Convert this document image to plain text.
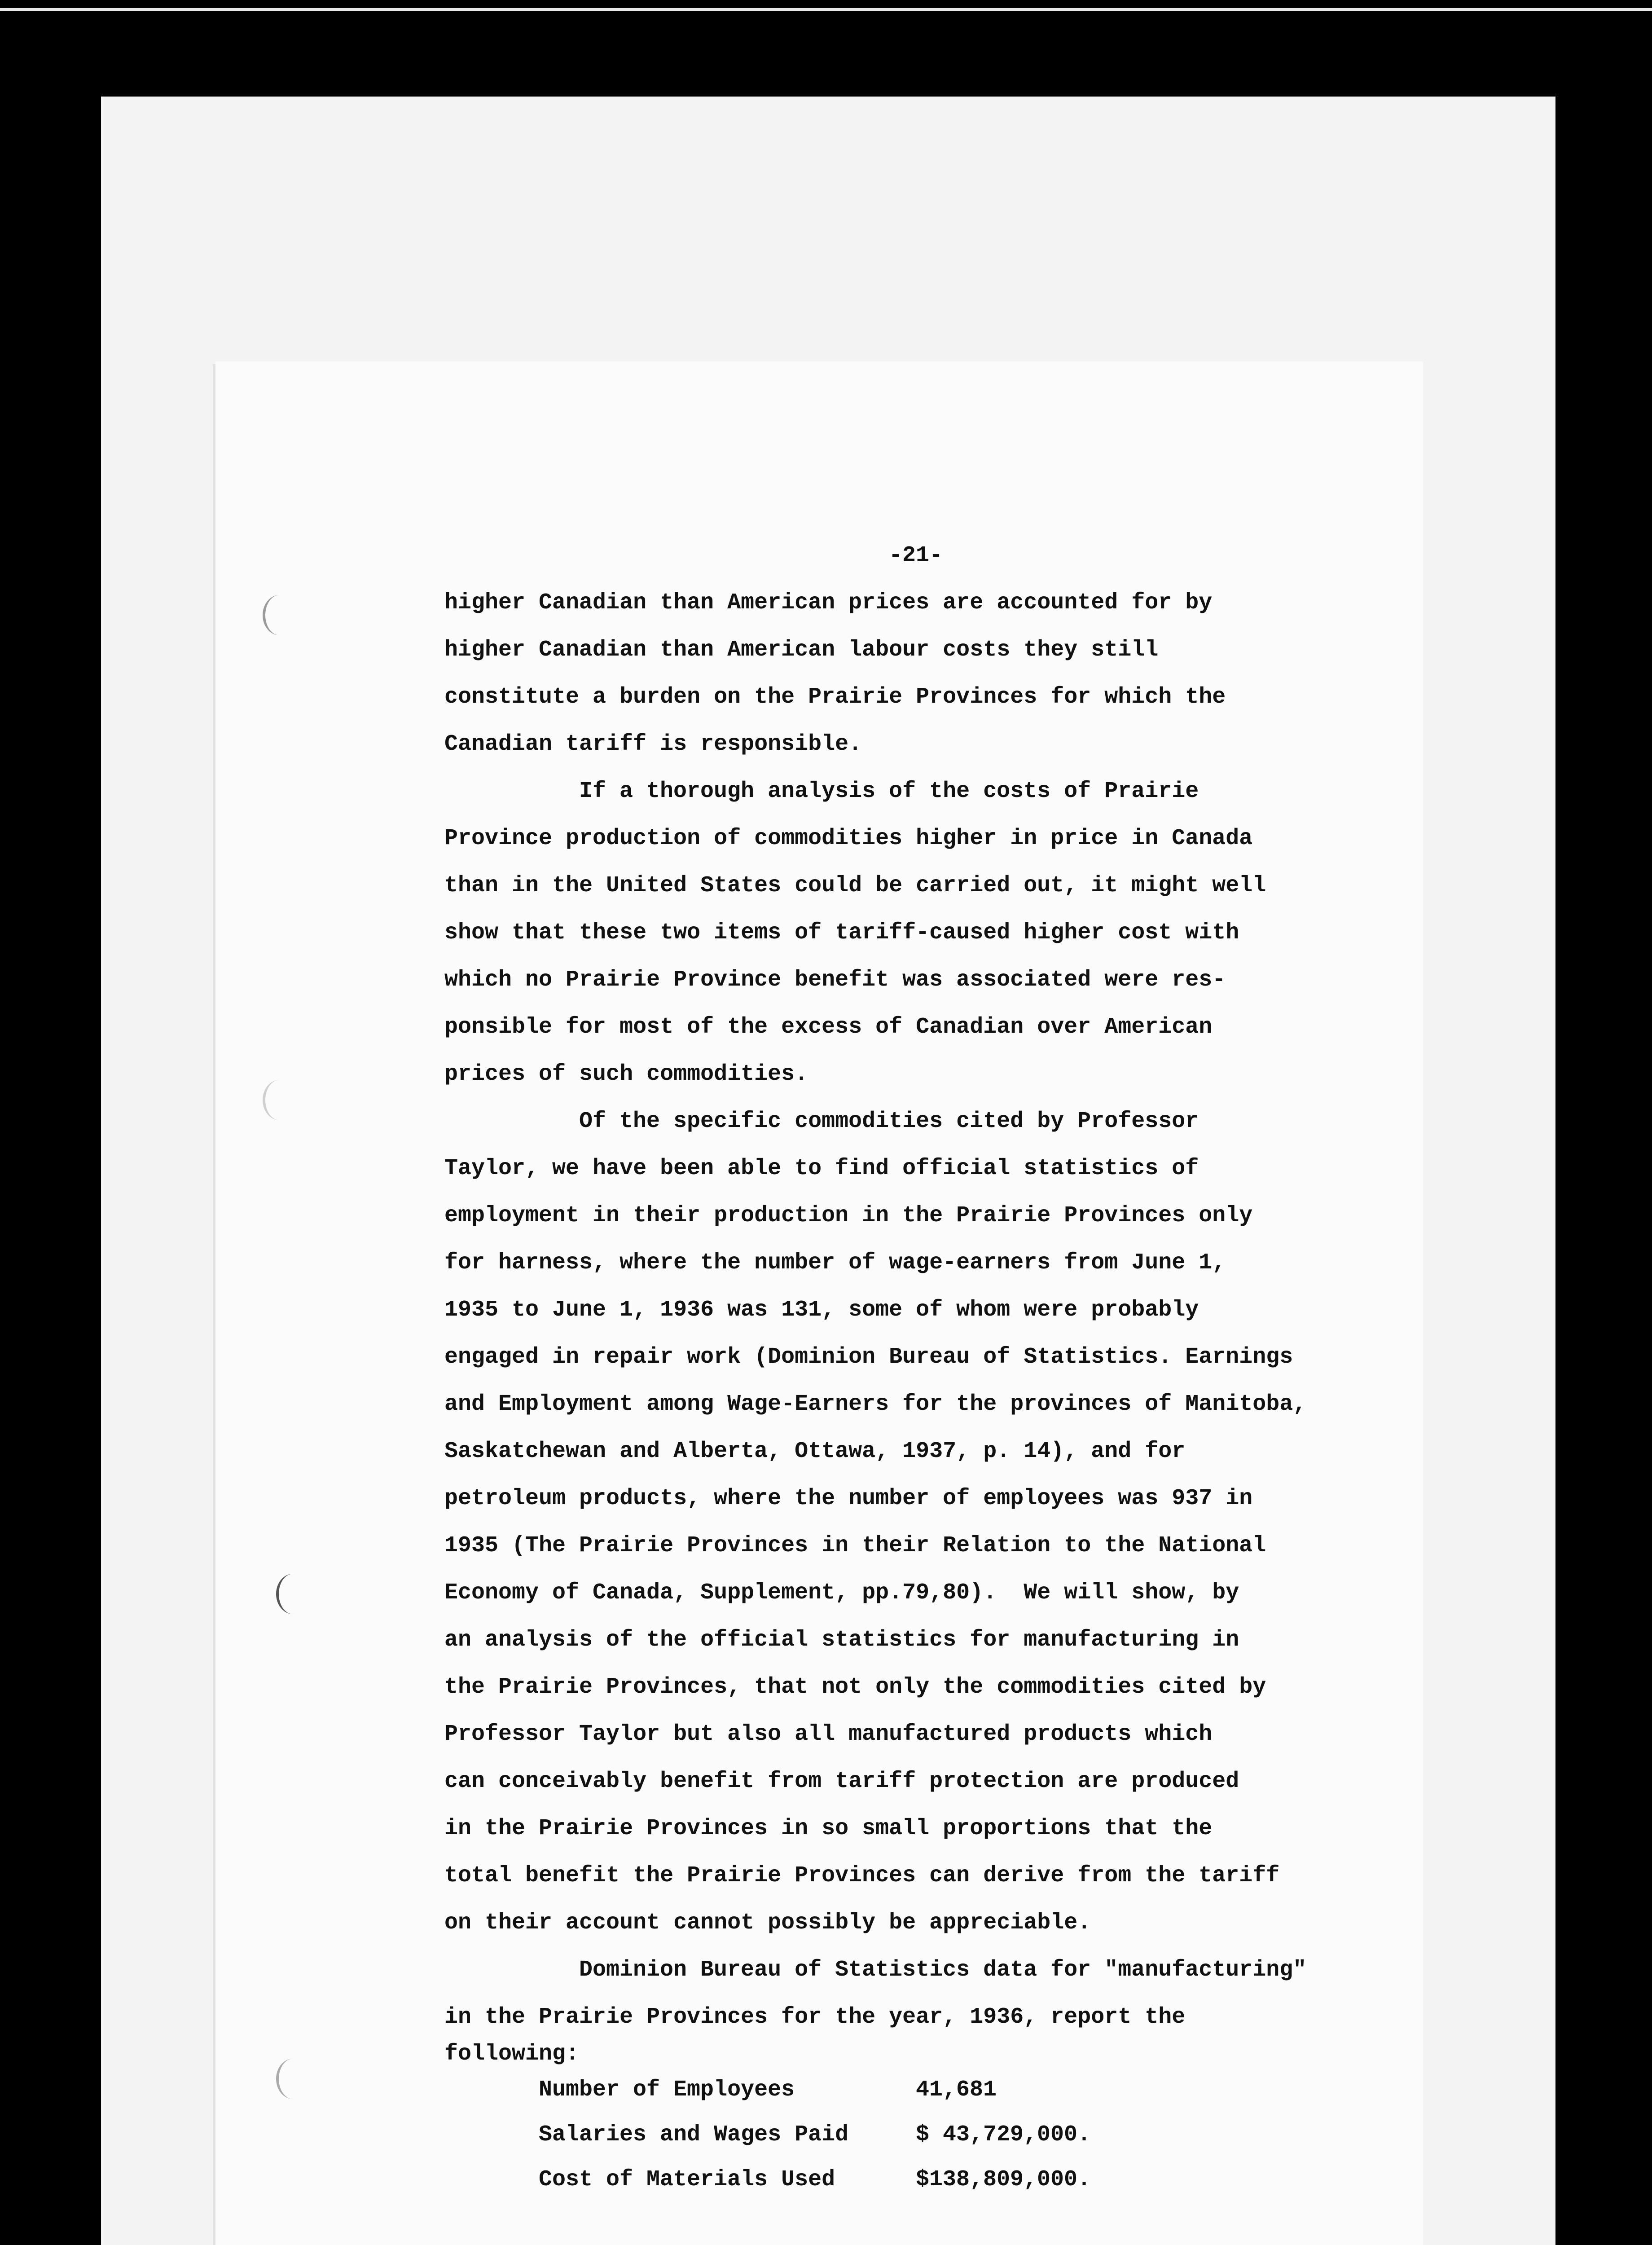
-21-
higher Canadian than American prices are accounted for by
higher Canadian than American labour costs they still
constitute a burden on the Prairie Provinces for which the
Canadian tariff is responsible.
If a thorough analysis of the costs of Prairie
Province production of commodities higher in price in Canada
than in the United States could be carried out, it might well
show that these two items of tariff-caused higher cost with
which no Prairie Province benefit was associated were res-
ponsible for most of the excess of Canadian over American
prices of such commodities.
Of the specific commodities cited by Professor
Taylor, we have been able to find official statistics of
employment in their production in the Prairie Provinces only
for harness, where the number of wage-earners from June 1,
1935 to June 1, 1936 was 131, some of whom were probably
engaged in repair work (Dominion Bureau of Statistics. Earnings
and Employment among Wage-Earners for the provinces of Manitoba,
Saskatchewan and Alberta, Ottawa, 1937, p. 14), and for
petroleum products, where the number of employees was 937 in
1935 (The Prairie Provinces in their Relation to the National
Economy of Canada, Supplement, pp.79,80).  We will show, by
an analysis of the official statistics for manufacturing in
the Prairie Provinces, that not only the commodities cited by
Professor Taylor but also all manufactured products which
can conceivably benefit from tariff protection are produced
in the Prairie Provinces in so small proportions that the
total benefit the Prairie Provinces can derive from the tariff
on their account cannot possibly be appreciable.
Dominion Bureau of Statistics data for "manufacturing"
in the Prairie Provinces for the year, 1936, report the
following:
Number of Employees	41,681
Salaries and Wages Paid	$ 43,729,000.
Cost of Materials Used	$138,809,000.
